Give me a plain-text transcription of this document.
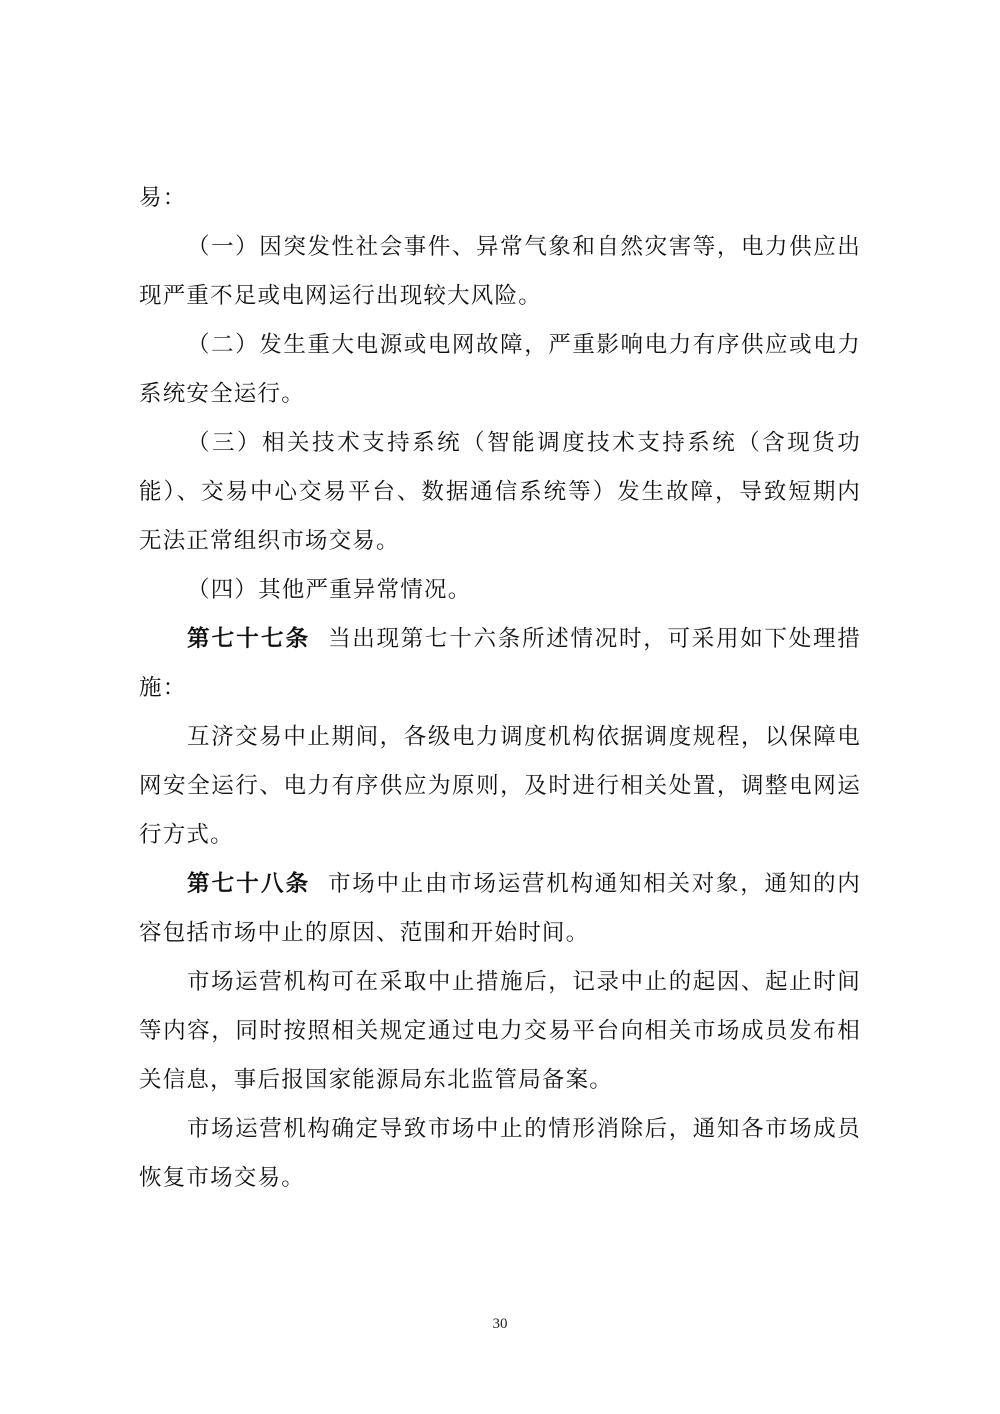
易：

（一）因突发性社会事件、异常气象和自然灾害等，电力供应出现严重不足或电网运行出现较大风险。

（二）发生重大电源或电网故障，严重影响电力有序供应或电力系统安全运行。

（三）相关技术支持系统（智能调度技术支持系统（含现货功能）、交易中心交易平台、数据通信系统等）发生故障，导致短期内无法正常组织市场交易。

（四）其他严重异常情况。

第七十七条 当出现第七十六条所述情况时，可采用如下处理措施：

互济交易中止期间，各级电力调度机构依据调度规程，以保障电网安全运行、电力有序供应为原则，及时进行相关处置，调整电网运行方式。

第七十八条 市场中止由市场运营机构通知相关对象，通知的内容包括市场中止的原因、范围和开始时间。

市场运营机构可在采取中止措施后，记录中止的起因、起止时间等内容，同时按照相关规定通过电力交易平台向相关市场成员发布相关信息，事后报国家能源局东北监管局备案。

市场运营机构确定导致市场中止的情形消除后，通知各市场成员恢复市场交易。

30
